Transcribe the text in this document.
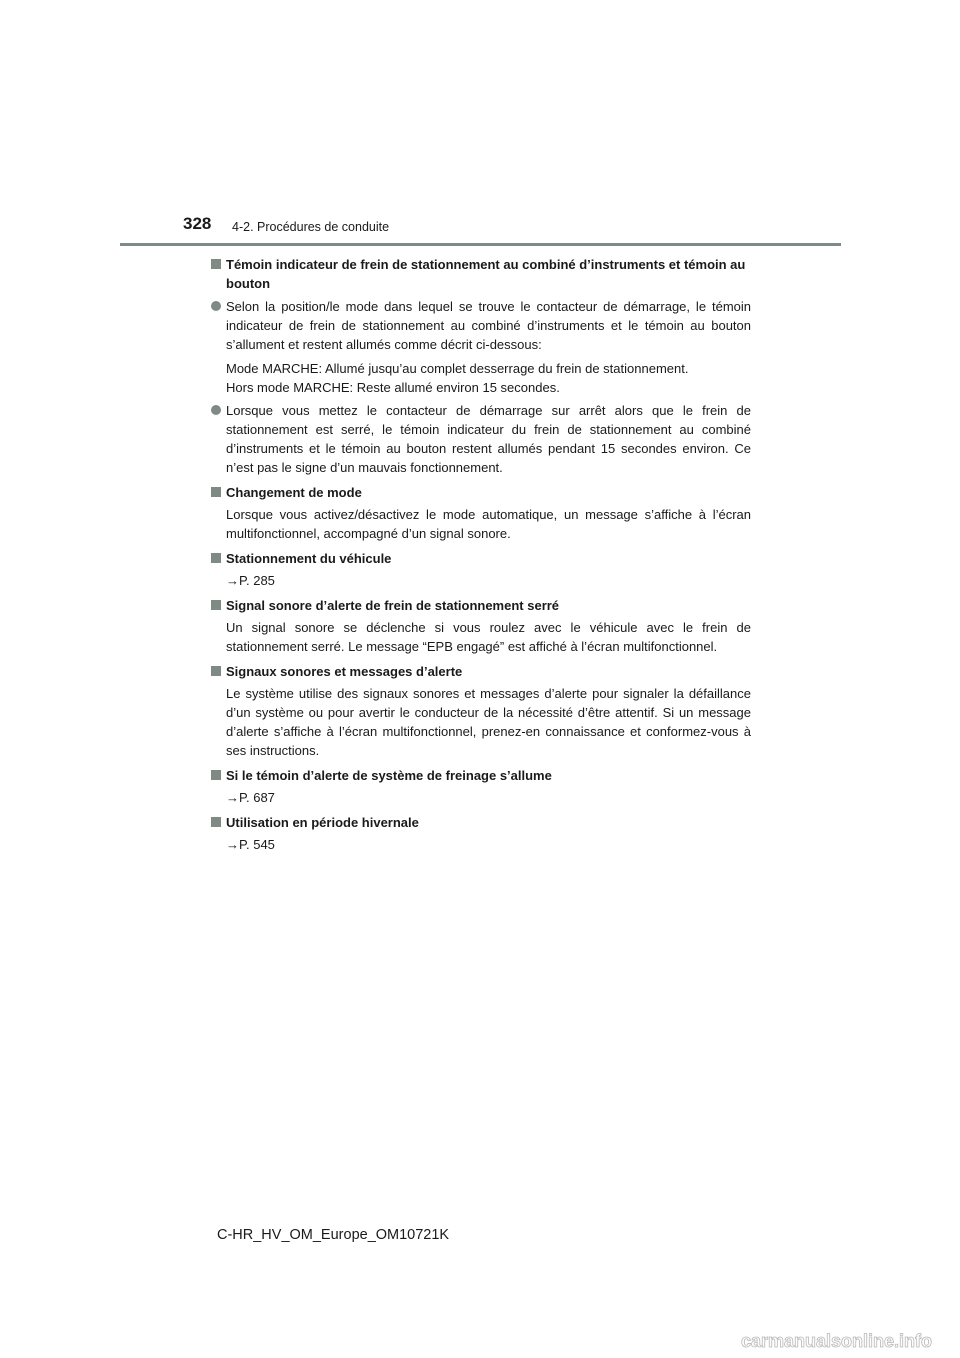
328 4-2. Procédures de conduite
Témoin indicateur de frein de stationnement au combiné d’instruments et témoin au bouton
Selon la position/le mode dans lequel se trouve le contacteur de démarrage, le témoin indicateur de frein de stationnement au combiné d’instruments et le témoin au bouton s’allument et restent allumés comme décrit ci-dessous:
Mode MARCHE: Allumé jusqu’au complet desserrage du frein de stationnement.
Hors mode MARCHE: Reste allumé environ 15 secondes.
Lorsque vous mettez le contacteur de démarrage sur arrêt alors que le frein de stationnement est serré, le témoin indicateur du frein de stationnement au combiné d’instruments et le témoin au bouton restent allumés pendant 15 secondes environ. Ce n’est pas le signe d’un mauvais fonctionnement.
Changement de mode
Lorsque vous activez/désactivez le mode automatique, un message s’affiche à l’écran multifonctionnel, accompagné d’un signal sonore.
Stationnement du véhicule
→P. 285
Signal sonore d’alerte de frein de stationnement serré
Un signal sonore se déclenche si vous roulez avec le véhicule avec le frein de stationnement serré. Le message “EPB engagé” est affiché à l’écran multifonctionnel.
Signaux sonores et messages d’alerte
Le système utilise des signaux sonores et messages d’alerte pour signaler la défaillance d’un système ou pour avertir le conducteur de la nécessité d’être attentif. Si un message d’alerte s’affiche à l’écran multifonctionnel, prenez-en connaissance et conformez-vous à ses instructions.
Si le témoin d’alerte de système de freinage s’allume
→P. 687
Utilisation en période hivernale
→P. 545
C-HR_HV_OM_Europe_OM10721K
carmanualsonline.info
